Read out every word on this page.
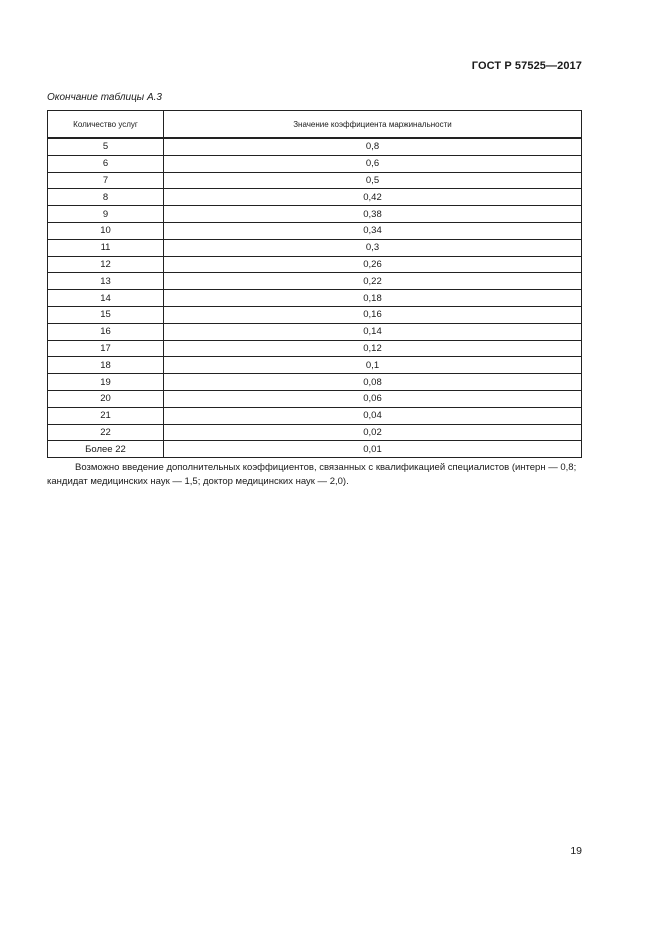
ГОСТ Р 57525—2017
Окончание таблицы А.3
Количество услуг	Значение коэффициента маржинальности
5	0,8
6	0,6
7	0,5
8	0,42
9	0,38
10	0,34
11	0,3
12	0,26
13	0,22
14	0,18
15	0,16
16	0,14
17	0,12
18	0,1
19	0,08
20	0,06
21	0,04
22	0,02
Более 22	0,01
Возможно введение дополнительных коэффициентов, связанных с квалификацией специалистов (интерн — 0,8; кандидат медицинских наук — 1,5; доктор медицинских наук — 2,0).
19
